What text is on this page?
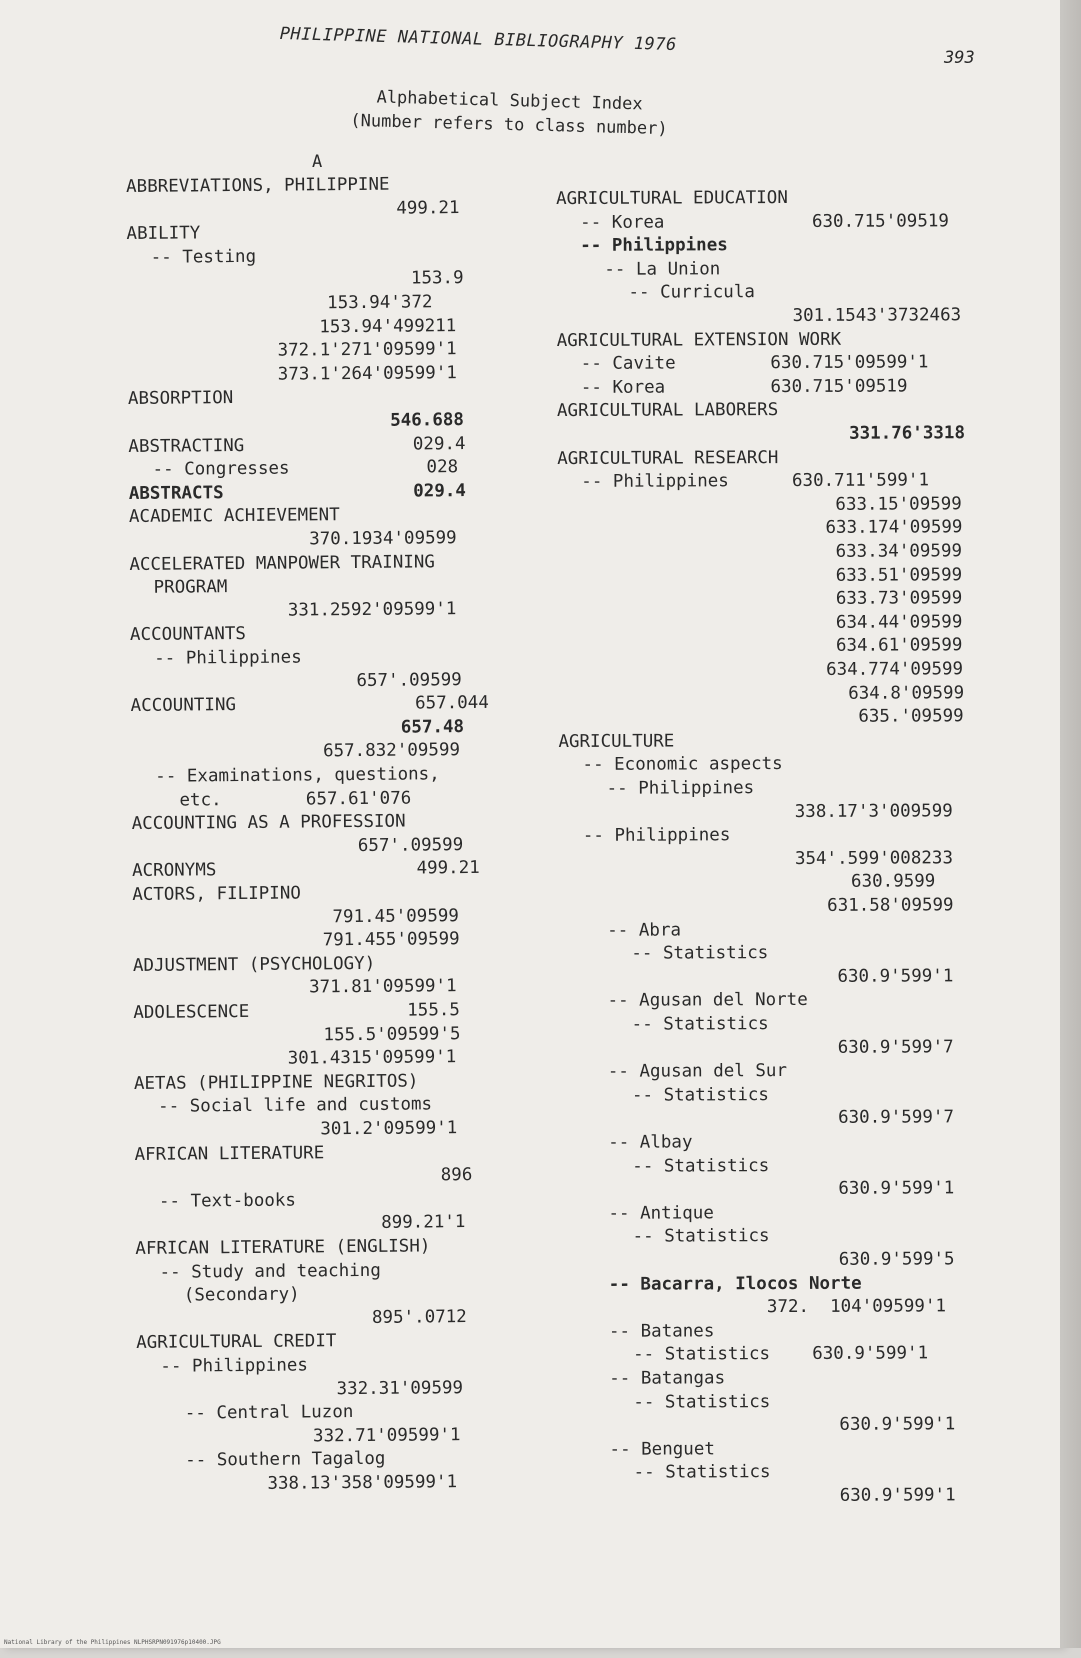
PHILIPPINE NATIONAL BIBLIOGRAPHY 1976
393
Alphabetical Subject Index
(Number refers to class number)
A
ABBREVIATIONS, PHILIPPINE
499.21
ABILITY
-- Testing
153.9
153.94'372
153.94'499211
372.1'271'09599'1
373.1'264'09599'1
ABSORPTION
546.688
ABSTRACTING                029.4
-- Congresses             028
ABSTRACTS                  029.4
ACADEMIC ACHIEVEMENT
370.1934'09599
ACCELERATED MANPOWER TRAINING
PROGRAM
331.2592'09599'1
ACCOUNTANTS
-- Philippines
657'.09599
ACCOUNTING                 657.044
657.48
657.832'09599
-- Examinations, questions,
etc.        657.61'076
ACCOUNTING AS A PROFESSION
657'.09599
ACRONYMS                   499.21
ACTORS, FILIPINO
791.45'09599
791.455'09599
ADJUSTMENT (PSYCHOLOGY)
371.81'09599'1
ADOLESCENCE               155.5
155.5'09599'5
301.4315'09599'1
AETAS (PHILIPPINE NEGRITOS)
-- Social life and customs
301.2'09599'1
AFRICAN LITERATURE
896
-- Text-books
899.21'1
AFRICAN LITERATURE (ENGLISH)
-- Study and teaching
(Secondary)
895'.0712
AGRICULTURAL CREDIT
-- Philippines
332.31'09599
-- Central Luzon
332.71'09599'1
-- Southern Tagalog
338.13'358'09599'1
AGRICULTURAL EDUCATION
-- Korea              630.715'09519
-- Philippines
-- La Union
-- Curricula
301.1543'3732463
AGRICULTURAL EXTENSION WORK
-- Cavite         630.715'09599'1
-- Korea          630.715'09519
AGRICULTURAL LABORERS
331.76'3318
AGRICULTURAL RESEARCH
-- Philippines      630.711'599'1
633.15'09599
633.174'09599
633.34'09599
633.51'09599
633.73'09599
634.44'09599
634.61'09599
634.774'09599
634.8'09599
635.'09599
AGRICULTURE
-- Economic aspects
-- Philippines
338.17'3'009599
-- Philippines
354'.599'008233
630.9599
631.58'09599
-- Abra
-- Statistics
630.9'599'1
-- Agusan del Norte
-- Statistics
630.9'599'7
-- Agusan del Sur
-- Statistics
630.9'599'7
-- Albay
-- Statistics
630.9'599'1
-- Antique
-- Statistics
630.9'599'5
-- Bacarra, Ilocos Norte
372.  104'09599'1
-- Batanes
-- Statistics    630.9'599'1
-- Batangas
-- Statistics
630.9'599'1
-- Benguet
-- Statistics
630.9'599'1
National Library of the Philippines NLPHSRPN091976p10400.JPG
